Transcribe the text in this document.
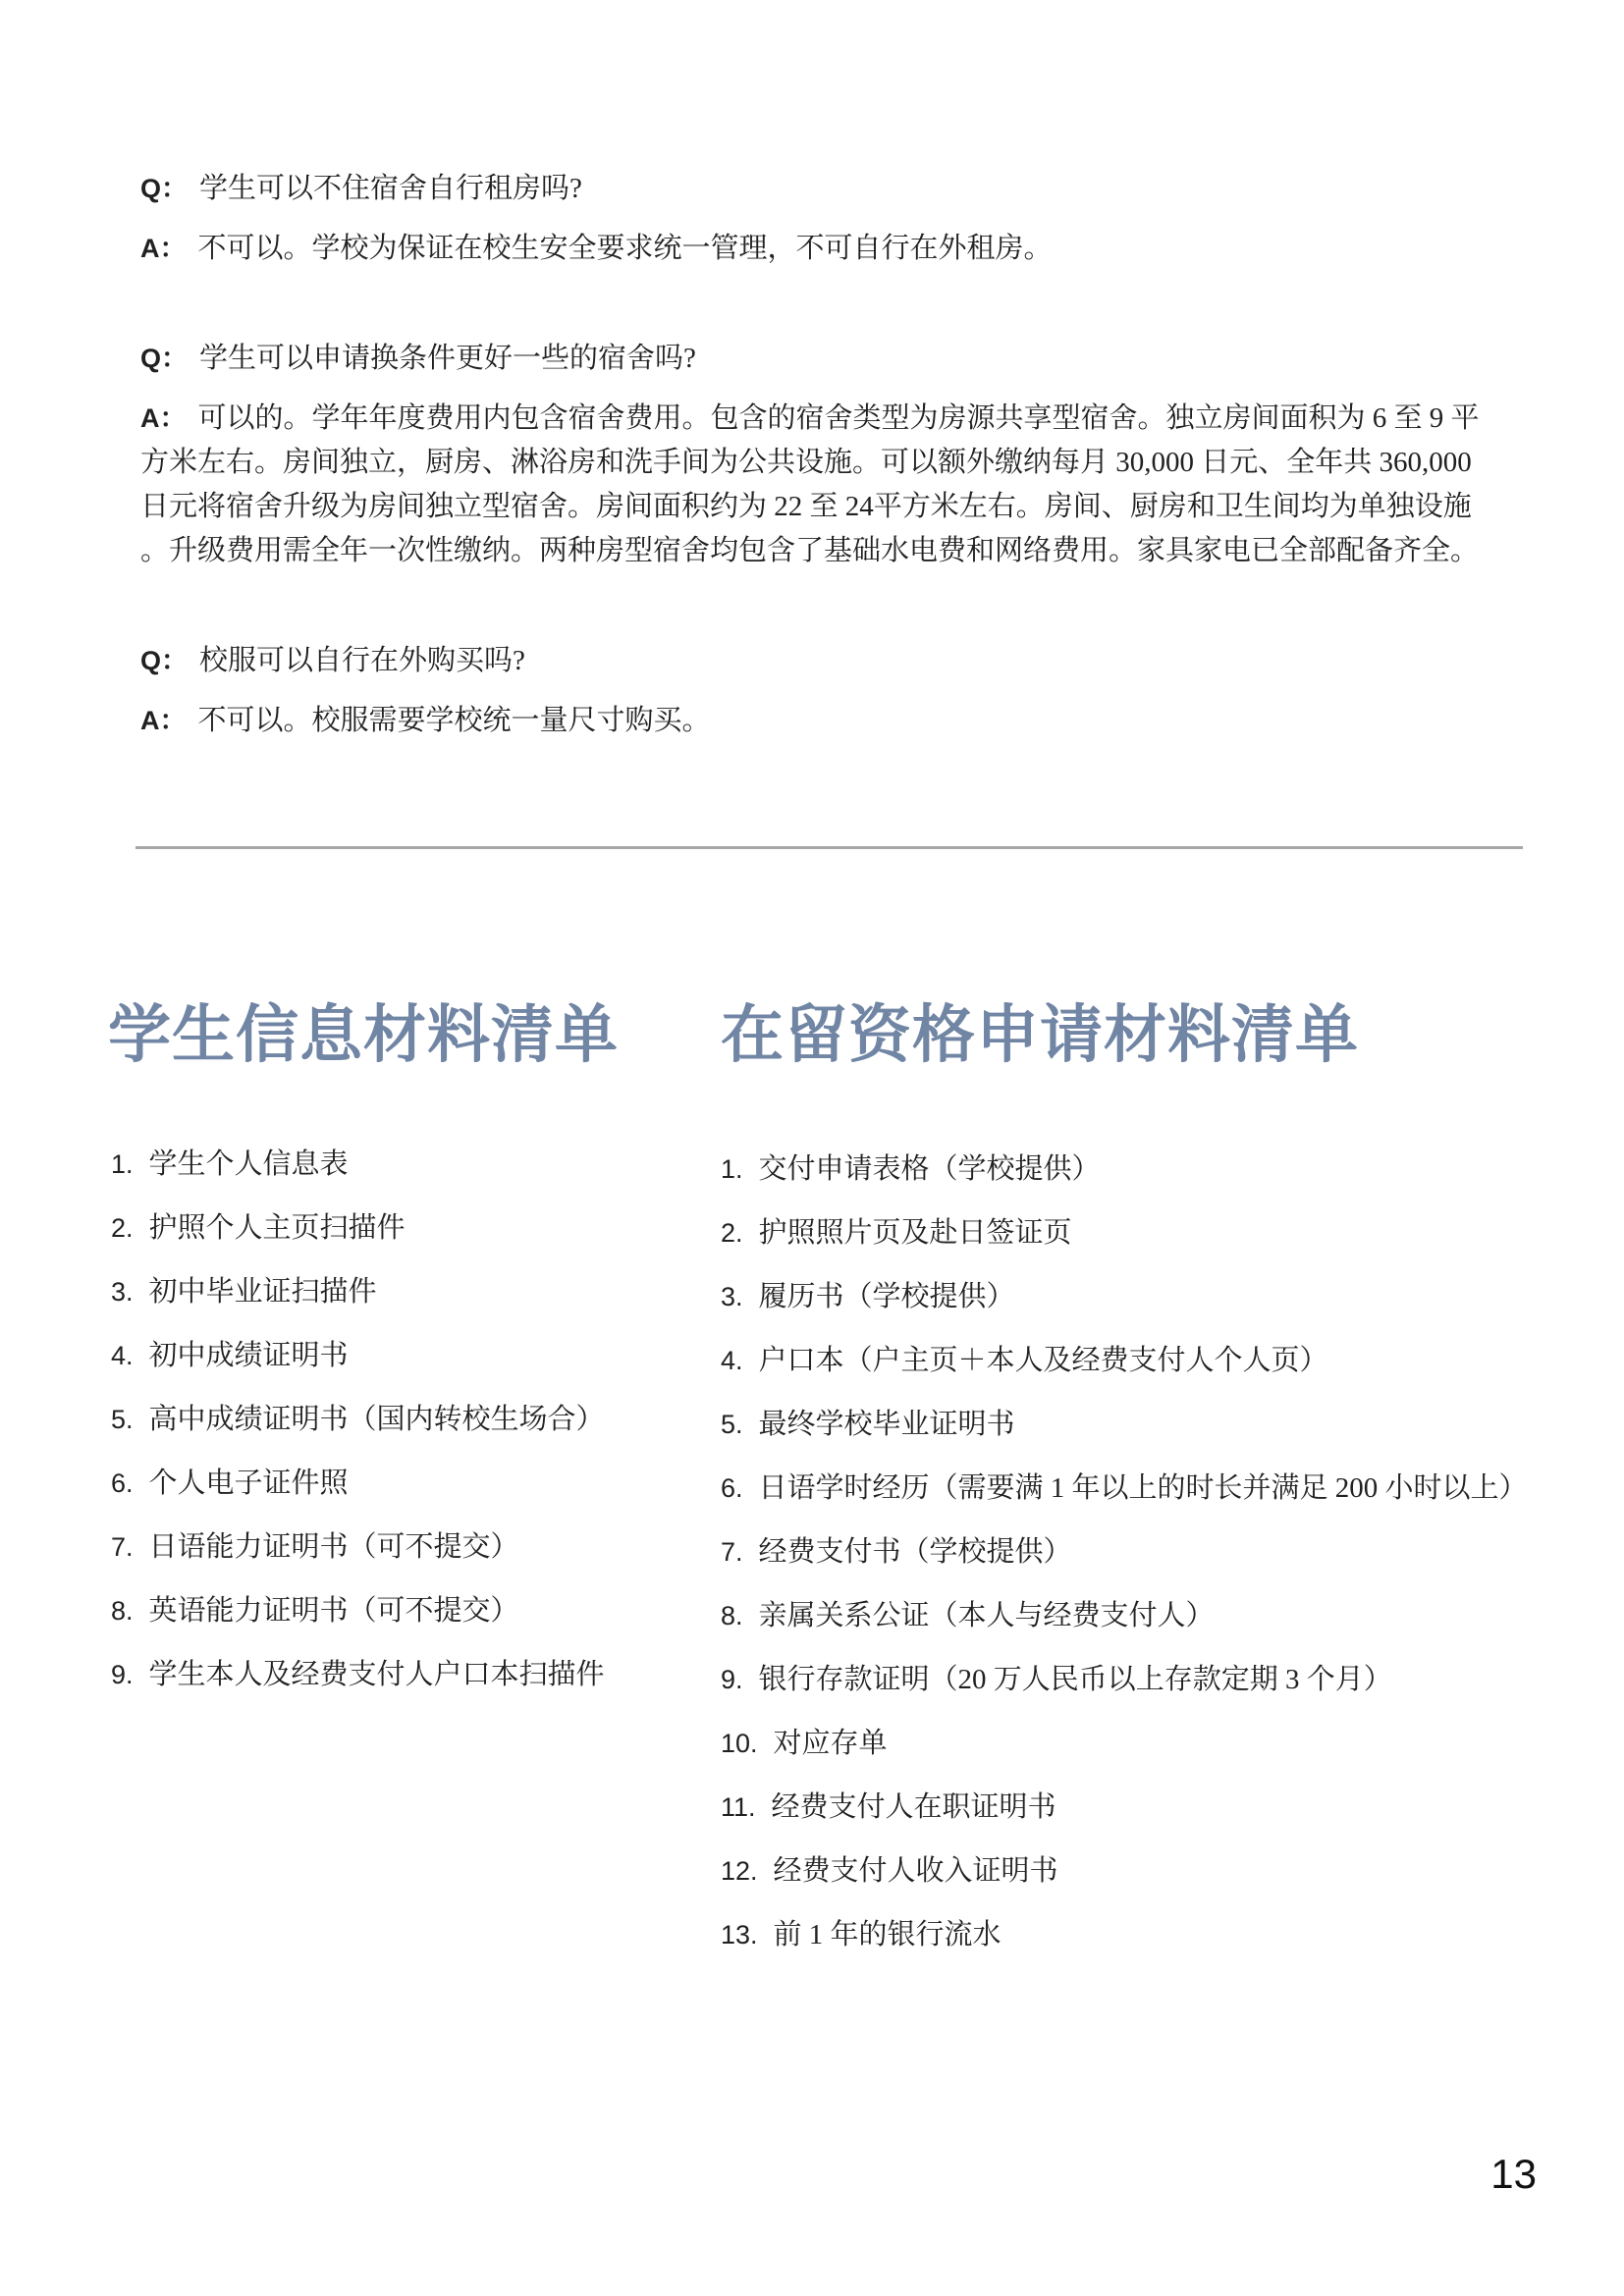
Q： 学生可以不住宿舍自行租房吗?
A： 不可以。学校为保证在校生安全要求统一管理，不可自行在外租房。
Q： 学生可以申请换条件更好一些的宿舍吗?
A： 可以的。学年年度费用内包含宿舍费用。包含的宿舍类型为房源共享型宿舍。独立房间面积为 6 至 9 平
方米左右。房间独立，厨房、淋浴房和洗手间为公共设施。可以额外缴纳每月 30,000 日元、全年共 360,000
日元将宿舍升级为房间独立型宿舍。房间面积约为 22 至 24平方米左右。房间、厨房和卫生间均为单独设施
。升级费用需全年一次性缴纳。两种房型宿舍均包含了基础水电费和网络费用。家具家电已全部配备齐全。
Q： 校服可以自行在外购买吗?
A： 不可以。校服需要学校统一量尺寸购买。
学生信息材料清单 在留资格申请材料清单
1. 学生个人信息表
2. 护照个人主页扫描件
3. 初中毕业证扫描件
4. 初中成绩证明书
5. 高中成绩证明书（国内转校生场合）
6. 个人电子证件照
7. 日语能力证明书（可不提交）
8. 英语能力证明书（可不提交）
9. 学生本人及经费支付人户口本扫描件
1. 交付申请表格（学校提供）
2. 护照照片页及赴日签证页
3. 履历书（学校提供）
4. 户口本（户主页＋本人及经费支付人个人页）
5. 最终学校毕业证明书
6. 日语学时经历（需要满 1 年以上的时长并满足 200 小时以上）
7. 经费支付书（学校提供）
8. 亲属关系公证（本人与经费支付人）
9. 银行存款证明（20 万人民币以上存款定期 3 个月）
10. 对应存单
11. 经费支付人在职证明书
12. 经费支付人收入证明书
13. 前 1 年的银行流水
13
